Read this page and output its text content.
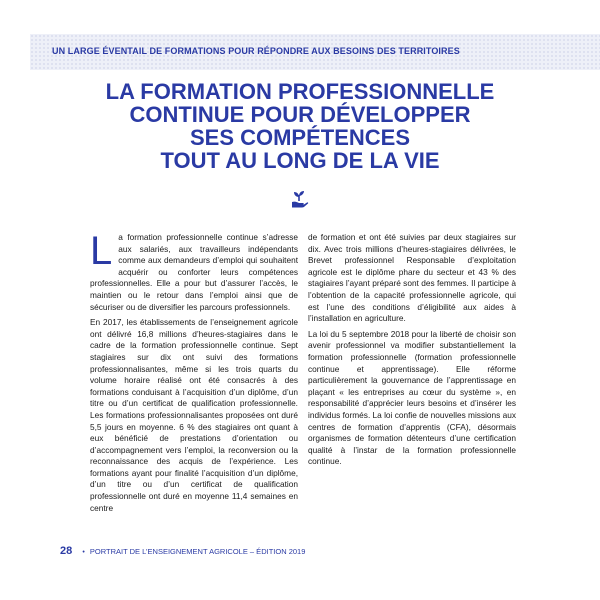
UN LARGE ÉVENTAIL DE FORMATIONS POUR RÉPONDRE AUX BESOINS DES TERRITOIRES
LA FORMATION PROFESSIONNELLE
CONTINUE POUR DÉVELOPPER
SES COMPÉTENCES
TOUT AU LONG DE LA VIE

La formation professionnelle continue s’adresse aux salariés, aux travailleurs indépendants comme aux demandeurs d’emploi qui souhaitent acquérir ou conforter leurs compétences professionnelles. Elle a pour but d’assurer l’accès, le maintien ou le retour dans l’emploi ainsi que de sécuriser ou de diversifier les parcours professionnels.

En 2017, les établissements de l’enseignement agricole ont délivré 16,8 millions d’heures-stagiaires dans le cadre de la formation professionnelle continue. Sept stagiaires sur dix ont suivi des formations professionnalisantes, même si les trois quarts du volume horaire réalisé ont été consacrés à des formations conduisant à l’acquisition d’un diplôme, d’un titre ou d’un certificat de qualification professionnelle. Les formations professionnalisantes proposées ont duré 5,5 jours en moyenne. 6 % des stagiaires ont quant à eux bénéficié de prestations d’orientation ou d’accompagnement vers l’emploi, la reconversion ou la reconnaissance des acquis de l’expérience. Les formations ayant pour finalité l’acquisition d’un diplôme, d’un titre ou d’un certificat de qualification professionnelle ont duré en moyenne 11,4 semaines en centre

de formation et ont été suivies par deux stagiaires sur dix. Avec trois millions d’heures-stagiaires délivrées, le Brevet professionnel Responsable d’exploitation agricole est le diplôme phare du secteur et 43 % des stagiaires l’ayant préparé sont des femmes. Il participe à l’obtention de la capacité professionnelle agricole, qui est l’une des conditions d’éligibilité aux aides à l’installation en agriculture.

La loi du 5 septembre 2018 pour la liberté de choisir son avenir professionnel va modifier substantiellement la formation professionnelle (formation professionnelle continue et apprentissage). Elle réforme particulièrement la gouvernance de l’apprentissage en plaçant « les entreprises au cœur du système », en responsabilité d’apprécier leurs besoins et d’insérer les individus formés. La loi confie de nouvelles missions aux centres de formation d’apprentis (CFA), désormais organismes de formation détenteurs d’une certification qualité à l’instar de la formation professionnelle continue.

28 • PORTRAIT DE L’ENSEIGNEMENT AGRICOLE – ÉDITION 2019
